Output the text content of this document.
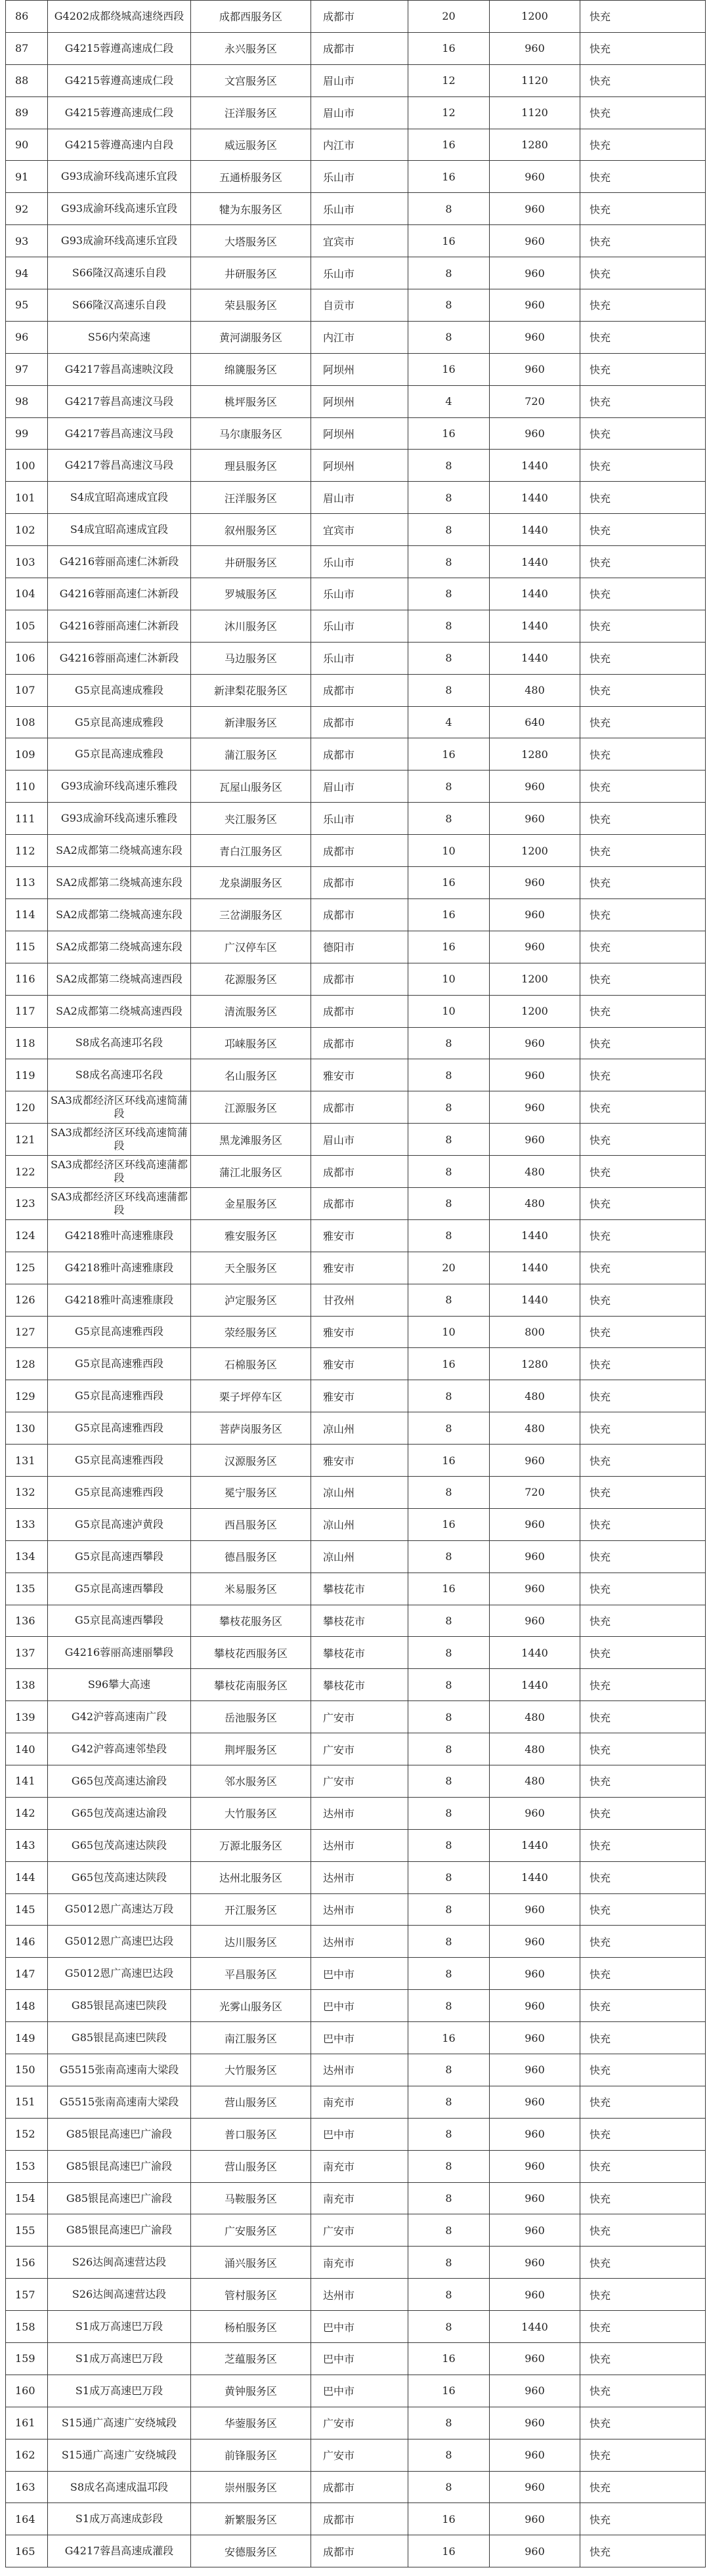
86	G4202成都绕城高速绕西段	成都西服务区	成都市	20	1200	快充
87	G4215蓉遵高速成仁段	永兴服务区	成都市	16	960	快充
88	G4215蓉遵高速成仁段	文宫服务区	眉山市	12	1120	快充
89	G4215蓉遵高速成仁段	汪洋服务区	眉山市	12	1120	快充
90	G4215蓉遵高速内自段	威远服务区	内江市	16	1280	快充
91	G93成渝环线高速乐宜段	五通桥服务区	乐山市	16	960	快充
92	G93成渝环线高速乐宜段	犍为东服务区	乐山市	8	960	快充
93	G93成渝环线高速乐宜段	大塔服务区	宜宾市	16	960	快充
94	S66隆汉高速乐自段	井研服务区	乐山市	8	960	快充
95	S66隆汉高速乐自段	荣县服务区	自贡市	8	960	快充
96	S56内荣高速	黄河湖服务区	内江市	8	960	快充
97	G4217蓉昌高速映汶段	绵篪服务区	阿坝州	16	960	快充
98	G4217蓉昌高速汶马段	桃坪服务区	阿坝州	4	720	快充
99	G4217蓉昌高速汶马段	马尔康服务区	阿坝州	16	960	快充
100	G4217蓉昌高速汶马段	理县服务区	阿坝州	8	1440	快充
101	S4成宜昭高速成宜段	汪洋服务区	眉山市	8	1440	快充
102	S4成宜昭高速成宜段	叙州服务区	宜宾市	8	1440	快充
103	G4216蓉丽高速仁沐新段	井研服务区	乐山市	8	1440	快充
104	G4216蓉丽高速仁沐新段	罗城服务区	乐山市	8	1440	快充
105	G4216蓉丽高速仁沐新段	沐川服务区	乐山市	8	1440	快充
106	G4216蓉丽高速仁沐新段	马边服务区	乐山市	8	1440	快充
107	G5京昆高速成雅段	新津梨花服务区	成都市	8	480	快充
108	G5京昆高速成雅段	新津服务区	成都市	4	640	快充
109	G5京昆高速成雅段	蒲江服务区	成都市	16	1280	快充
110	G93成渝环线高速乐雅段	瓦屋山服务区	眉山市	8	960	快充
111	G93成渝环线高速乐雅段	夹江服务区	乐山市	8	960	快充
112	SA2成都第二绕城高速东段	青白江服务区	成都市	10	1200	快充
113	SA2成都第二绕城高速东段	龙泉湖服务区	成都市	16	960	快充
114	SA2成都第二绕城高速东段	三岔湖服务区	成都市	16	960	快充
115	SA2成都第二绕城高速东段	广汉停车区	德阳市	16	960	快充
116	SA2成都第二绕城高速西段	花源服务区	成都市	10	1200	快充
117	SA2成都第二绕城高速西段	清流服务区	成都市	10	1200	快充
118	S8成名高速邛名段	邛崃服务区	成都市	8	960	快充
119	S8成名高速邛名段	名山服务区	雅安市	8	960	快充
120	SA3成都经济区环线高速简蒲段	江源服务区	成都市	8	960	快充
121	SA3成都经济区环线高速简蒲段	黑龙滩服务区	眉山市	8	960	快充
122	SA3成都经济区环线高速蒲都段	蒲江北服务区	成都市	8	480	快充
123	SA3成都经济区环线高速蒲都段	金星服务区	成都市	8	480	快充
124	G4218雅叶高速雅康段	雅安服务区	雅安市	8	1440	快充
125	G4218雅叶高速雅康段	天全服务区	雅安市	20	1440	快充
126	G4218雅叶高速雅康段	泸定服务区	甘孜州	8	1440	快充
127	G5京昆高速雅西段	荥经服务区	雅安市	10	800	快充
128	G5京昆高速雅西段	石棉服务区	雅安市	16	1280	快充
129	G5京昆高速雅西段	栗子坪停车区	雅安市	8	480	快充
130	G5京昆高速雅西段	菩萨岗服务区	凉山州	8	480	快充
131	G5京昆高速雅西段	汉源服务区	雅安市	16	960	快充
132	G5京昆高速雅西段	冕宁服务区	凉山州	8	720	快充
133	G5京昆高速泸黄段	西昌服务区	凉山州	16	960	快充
134	G5京昆高速西攀段	德昌服务区	凉山州	8	960	快充
135	G5京昆高速西攀段	米易服务区	攀枝花市	16	960	快充
136	G5京昆高速西攀段	攀枝花服务区	攀枝花市	8	960	快充
137	G4216蓉丽高速丽攀段	攀枝花西服务区	攀枝花市	8	1440	快充
138	S96攀大高速	攀枝花南服务区	攀枝花市	8	1440	快充
139	G42沪蓉高速南广段	岳池服务区	广安市	8	480	快充
140	G42沪蓉高速邻垫段	荆坪服务区	广安市	8	480	快充
141	G65包茂高速达渝段	邻水服务区	广安市	8	480	快充
142	G65包茂高速达渝段	大竹服务区	达州市	8	960	快充
143	G65包茂高速达陕段	万源北服务区	达州市	8	1440	快充
144	G65包茂高速达陕段	达州北服务区	达州市	8	1440	快充
145	G5012恩广高速达万段	开江服务区	达州市	8	960	快充
146	G5012恩广高速巴达段	达川服务区	达州市	8	960	快充
147	G5012恩广高速巴达段	平昌服务区	巴中市	8	960	快充
148	G85银昆高速巴陕段	光雾山服务区	巴中市	8	960	快充
149	G85银昆高速巴陕段	南江服务区	巴中市	16	960	快充
150	G5515张南高速南大梁段	大竹服务区	达州市	8	960	快充
151	G5515张南高速南大梁段	营山服务区	南充市	8	960	快充
152	G85银昆高速巴广渝段	普口服务区	巴中市	8	960	快充
153	G85银昆高速巴广渝段	营山服务区	南充市	8	960	快充
154	G85银昆高速巴广渝段	马鞍服务区	南充市	8	960	快充
155	G85银昆高速巴广渝段	广安服务区	广安市	8	960	快充
156	S26达闽高速营达段	涌兴服务区	南充市	8	960	快充
157	S26达闽高速营达段	管村服务区	达州市	8	960	快充
158	S1成万高速巴万段	杨柏服务区	巴中市	8	1440	快充
159	S1成万高速巴万段	芝蕴服务区	巴中市	16	960	快充
160	S1成万高速巴万段	黄钟服务区	巴中市	16	960	快充
161	S15通广高速广安绕城段	华蓥服务区	广安市	8	960	快充
162	S15通广高速广安绕城段	前锋服务区	广安市	8	960	快充
163	S8成名高速成温邛段	崇州服务区	成都市	8	960	快充
164	S1成万高速成彭段	新繁服务区	成都市	16	960	快充
165	G4217蓉昌高速成灌段	安德服务区	成都市	16	960	快充
